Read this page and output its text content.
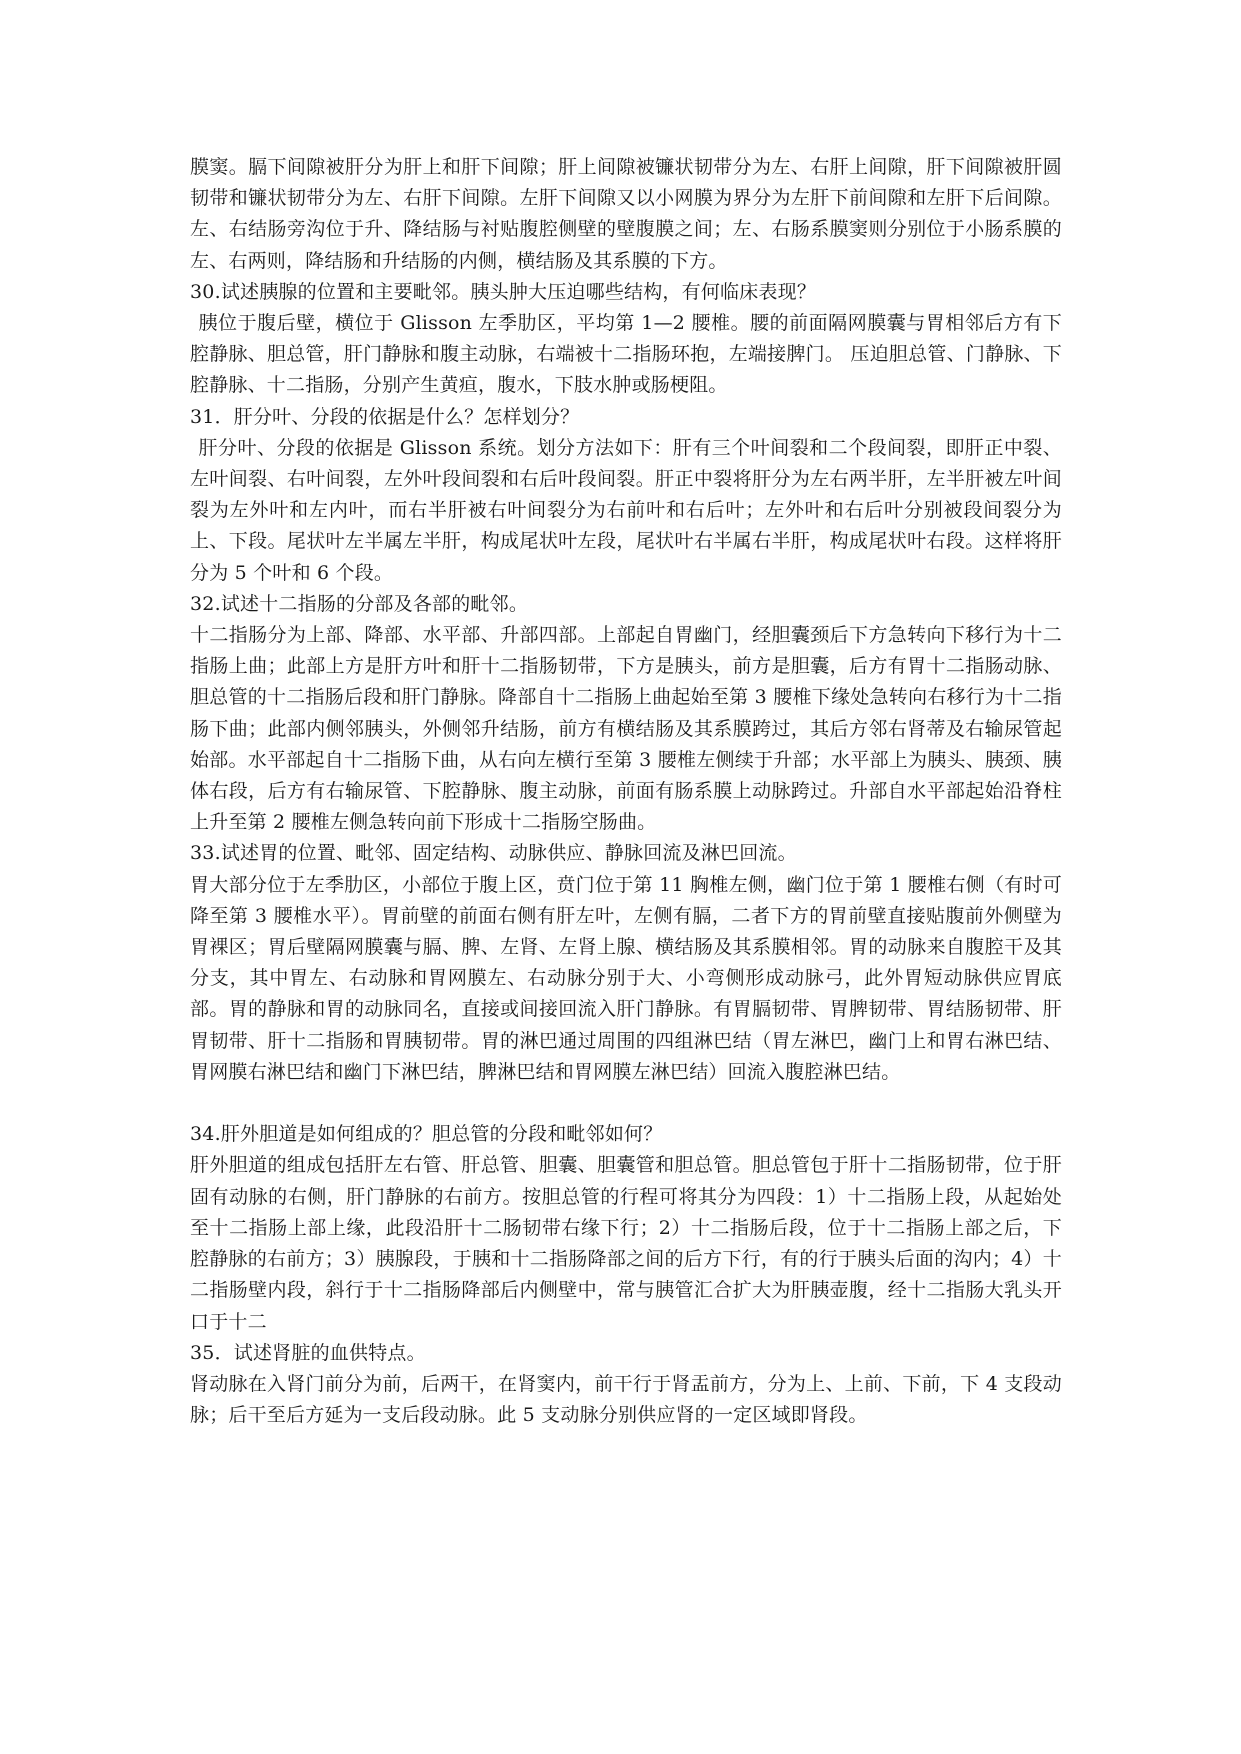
膜窦。膈下间隙被肝分为肝上和肝下间隙；肝上间隙被镰状韧带分为左、右肝上间隙，肝下间隙被肝圆韧带和镰状韧带分为左、右肝下间隙。左肝下间隙又以小网膜为界分为左肝下前间隙和左肝下后间隙。左、右结肠旁沟位于升、降结肠与衬贴腹腔侧壁的壁腹膜之间；左、右肠系膜窦则分别位于小肠系膜的左、右两则，降结肠和升结肠的内侧，横结肠及其系膜的下方。

30.试述胰腺的位置和主要毗邻。胰头肿大压迫哪些结构，有何临床表现？

胰位于腹后壁，横位于 Glisson 左季肋区，平均第 1—2 腰椎。腰的前面隔网膜囊与胃相邻后方有下腔静脉、胆总管，肝门静脉和腹主动脉，右端被十二指肠环抱，左端接脾门。 压迫胆总管、门静脉、下腔静脉、十二指肠，分别产生黄疸，腹水，下肢水肿或肠梗阻。

31．肝分叶、分段的依据是什么？怎样划分？

肝分叶、分段的依据是 Glisson 系统。划分方法如下：肝有三个叶间裂和二个段间裂，即肝正中裂、左叶间裂、右叶间裂，左外叶段间裂和右后叶段间裂。肝正中裂将肝分为左右两半肝，左半肝被左叶间裂为左外叶和左内叶，而右半肝被右叶间裂分为右前叶和右后叶；左外叶和右后叶分别被段间裂分为上、下段。尾状叶左半属左半肝，构成尾状叶左段，尾状叶右半属右半肝，构成尾状叶右段。这样将肝分为 5 个叶和 6 个段。

32.试述十二指肠的分部及各部的毗邻。

十二指肠分为上部、降部、水平部、升部四部。上部起自胃幽门，经胆囊颈后下方急转向下移行为十二指肠上曲；此部上方是肝方叶和肝十二指肠韧带，下方是胰头，前方是胆囊，后方有胃十二指肠动脉、胆总管的十二指肠后段和肝门静脉。降部自十二指肠上曲起始至第 3 腰椎下缘处急转向右移行为十二指肠下曲；此部内侧邻胰头，外侧邻升结肠，前方有横结肠及其系膜跨过，其后方邻右肾蒂及右输尿管起始部。水平部起自十二指肠下曲，从右向左横行至第 3 腰椎左侧续于升部；水平部上为胰头、胰颈、胰体右段，后方有右输尿管、下腔静脉、腹主动脉，前面有肠系膜上动脉跨过。升部自水平部起始沿脊柱上升至第 2 腰椎左侧急转向前下形成十二指肠空肠曲。

33.试述胃的位置、毗邻、固定结构、动脉供应、静脉回流及淋巴回流。

胃大部分位于左季肋区，小部位于腹上区，贲门位于第 11 胸椎左侧，幽门位于第 1 腰椎右侧（有时可降至第 3 腰椎水平）。胃前壁的前面右侧有肝左叶，左侧有膈，二者下方的胃前壁直接贴腹前外侧壁为胃裸区；胃后壁隔网膜囊与膈、脾、左肾、左肾上腺、横结肠及其系膜相邻。胃的动脉来自腹腔干及其分支，其中胃左、右动脉和胃网膜左、右动脉分别于大、小弯侧形成动脉弓，此外胃短动脉供应胃底部。胃的静脉和胃的动脉同名，直接或间接回流入肝门静脉。有胃膈韧带、胃脾韧带、胃结肠韧带、肝胃韧带、肝十二指肠和胃胰韧带。胃的淋巴通过周围的四组淋巴结（胃左淋巴，幽门上和胃右淋巴结、胃网膜右淋巴结和幽门下淋巴结，脾淋巴结和胃网膜左淋巴结）回流入腹腔淋巴结。

34.肝外胆道是如何组成的？胆总管的分段和毗邻如何？

肝外胆道的组成包括肝左右管、肝总管、胆囊、胆囊管和胆总管。胆总管包于肝十二指肠韧带，位于肝固有动脉的右侧，肝门静脉的右前方。按胆总管的行程可将其分为四段：1）十二指肠上段，从起始处至十二指肠上部上缘，此段沿肝十二肠韧带右缘下行；2）十二指肠后段，位于十二指肠上部之后，下腔静脉的右前方；3）胰腺段，于胰和十二指肠降部之间的后方下行，有的行于胰头后面的沟内；4）十二指肠壁内段，斜行于十二指肠降部后内侧壁中，常与胰管汇合扩大为肝胰壶腹，经十二指肠大乳头开口于十二

35．试述肾脏的血供特点。

肾动脉在入肾门前分为前，后两干，在肾窦内，前干行于肾盂前方，分为上、上前、下前，下 4 支段动脉；后干至后方延为一支后段动脉。此 5 支动脉分别供应肾的一定区域即肾段。
